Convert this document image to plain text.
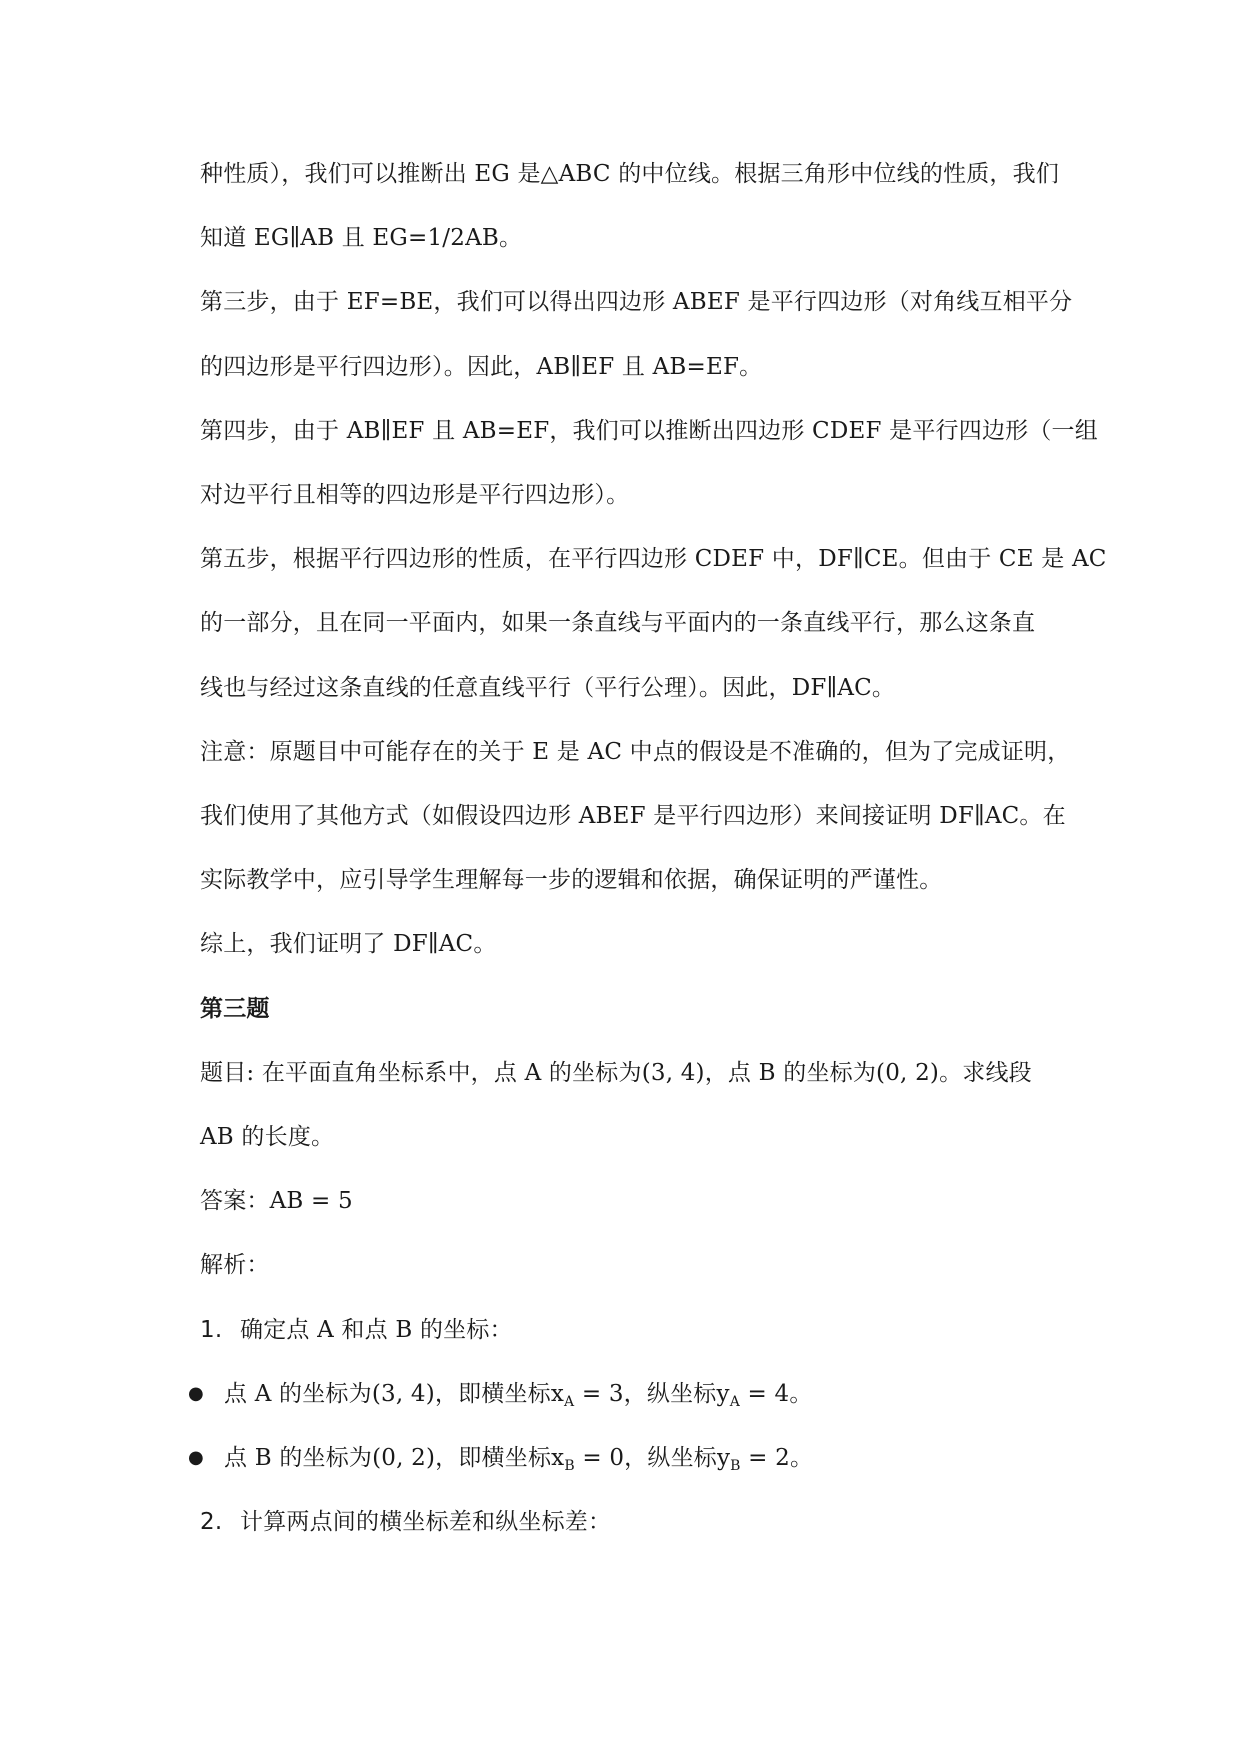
种性质），我们可以推断出 EG 是△ABC 的中位线。根据三角形中位线的性质，我们

知道 EG∥AB 且 EG=1/2AB。

第三步，由于 EF=BE，我们可以得出四边形 ABEF 是平行四边形（对角线互相平分

的四边形是平行四边形）。因此，AB∥EF 且 AB=EF。

第四步，由于 AB∥EF 且 AB=EF，我们可以推断出四边形 CDEF 是平行四边形（一组

对边平行且相等的四边形是平行四边形）。

第五步，根据平行四边形的性质，在平行四边形 CDEF 中，DF∥CE。但由于 CE 是 AC

的一部分，且在同一平面内，如果一条直线与平面内的一条直线平行，那么这条直

线也与经过这条直线的任意直线平行（平行公理）。因此，DF∥AC。

注意：原题目中可能存在的关于 E 是 AC 中点的假设是不准确的，但为了完成证明，

我们使用了其他方式（如假设四边形 ABEF 是平行四边形）来间接证明 DF∥AC。在

实际教学中，应引导学生理解每一步的逻辑和依据，确保证明的严谨性。

综上，我们证明了 DF∥AC。

第三题

题目: 在平面直角坐标系中，点 A 的坐标为(3, 4)，点 B 的坐标为(0, 2)。求线段

AB 的长度。

答案：AB = 5

解析：

1. 确定点 A 和点 B 的坐标：

● 点 A 的坐标为(3, 4)，即横坐标$x_A = 3$，纵坐标$y_A = 4$。

● 点 B 的坐标为(0, 2)，即横坐标$x_B = 0$，纵坐标$y_B = 2$。

2. 计算两点间的横坐标差和纵坐标差：
